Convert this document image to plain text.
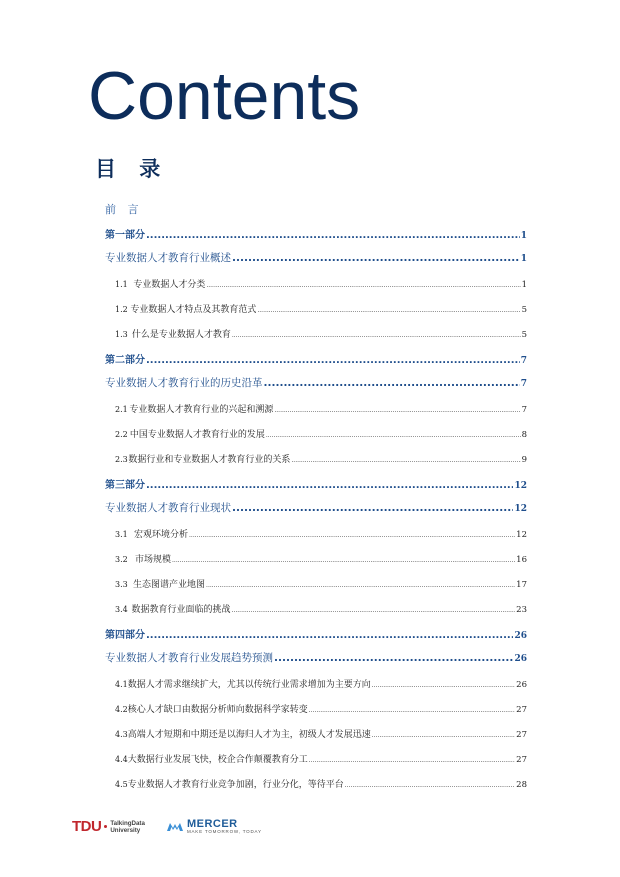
Contents
目 录
前 言
第一部分 .....	1
专业数据人才教育行业概述 .....	1
1.1 专业数据人才分类 .....	1
1.2 专业数据人才特点及其教育范式 .....	5
1.3 什么是专业数据人才教育 .....	5
第二部分 .....	7
专业数据人才教育行业的历史沿革 .....	7
2.1 专业数据人才教育行业的兴起和溯源 .....	7
2.2 中国专业数据人才教育行业的发展 .....	8
2.3 数据行业和专业数据人才教育行业的关系 .....	9
第三部分 .....	12
专业数据人才教育行业现状 .....	12
3.1 宏观环境分析 .....	12
3.2 市场规模 .....	16
3.3 生态图谱产业地图 .....	17
3.4 数据教育行业面临的挑战 .....	23
第四部分 .....	26
专业数据人才教育行业发展趋势预测 .....	26
4.1 数据人才需求继续扩大，尤其以传统行业需求增加为主要方向 .....	26
4.2 核心人才缺口由数据分析师向数据科学家转变 .....	27
4.3 高端人才短期和中期还是以海归人才为主，初级人才发展迅速 .....	27
4.4 大数据行业发展飞快，校企合作颠覆教育分工 .....	27
4.5 专业数据人才教育行业竞争加剧，行业分化，等待平台 .....	28
TDU TalkingData
University
MERCER
MAKE TOMORROW, TODAY
